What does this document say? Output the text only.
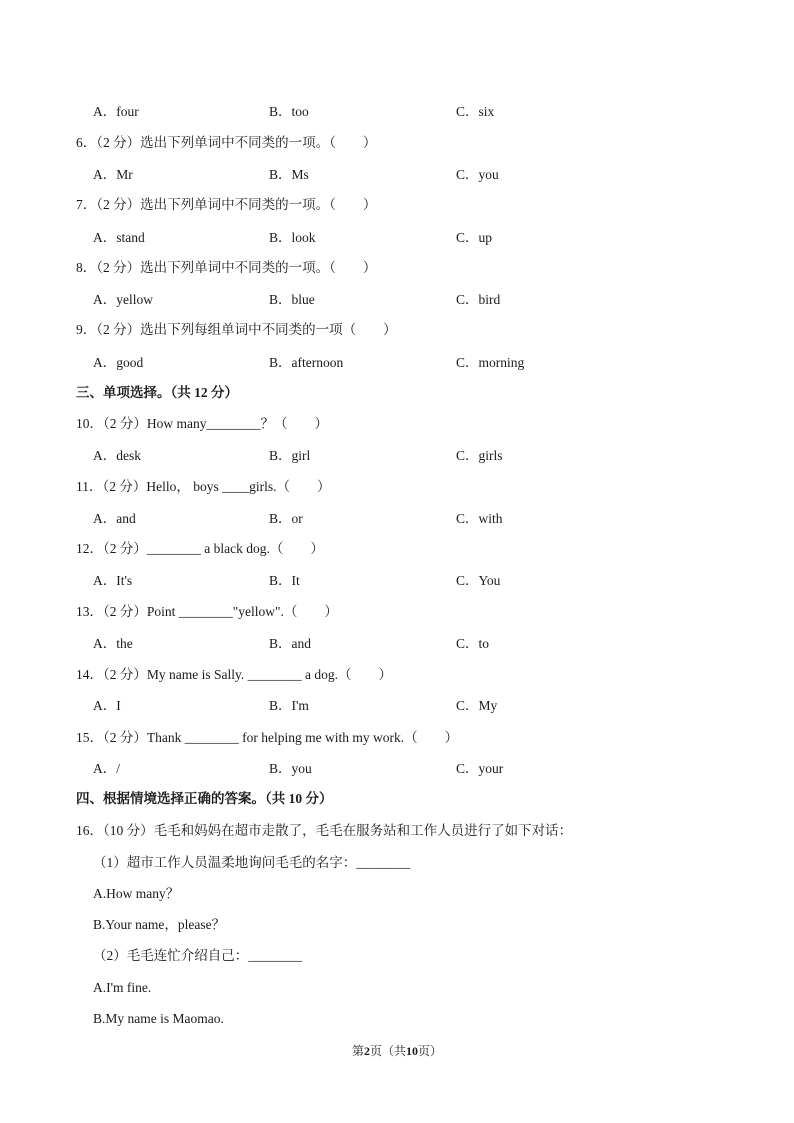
A．four	B．too	C．six
6．（2 分）选出下列单词中不同类的一项。（　　）
A．Mr	B．Ms	C．you
7．（2 分）选出下列单词中不同类的一项。（　　）
A．stand	B．look	C．up
8．（2 分）选出下列单词中不同类的一项。（　　）
A．yellow	B．blue	C．bird
9．（2 分）选出下列每组单词中不同类的一项（　　）
A．good	B．afternoon	C．morning
三、单项选择。（共 12 分）
10．（2 分）How many________？（　　）
A．desk	B．girl	C．girls
11．（2 分）Hello， boys ____girls.（　　）
A．and	B．or	C．with
12．（2 分）________ a black dog.（　　）
A．It's	B．It	C．You
13．（2 分）Point ________"yellow".（　　）
A．the	B．and	C．to
14．（2 分）My name is Sally. ________ a dog.（　　）
A．I	B．I'm	C．My
15．（2 分）Thank ________ for helping me with my work.（　　）
A．/	B．you	C．your
四、根据情境选择正确的答案。（共 10 分）
16．（10 分）毛毛和妈妈在超市走散了，毛毛在服务站和工作人员进行了如下对话：
（1）超市工作人员温柔地询问毛毛的名字：________
A.How many？
B.Your name，please？
（2）毛毛连忙介绍自己：________
A.I'm fine.
B.My name is Maomao.
第2页（共10页）
